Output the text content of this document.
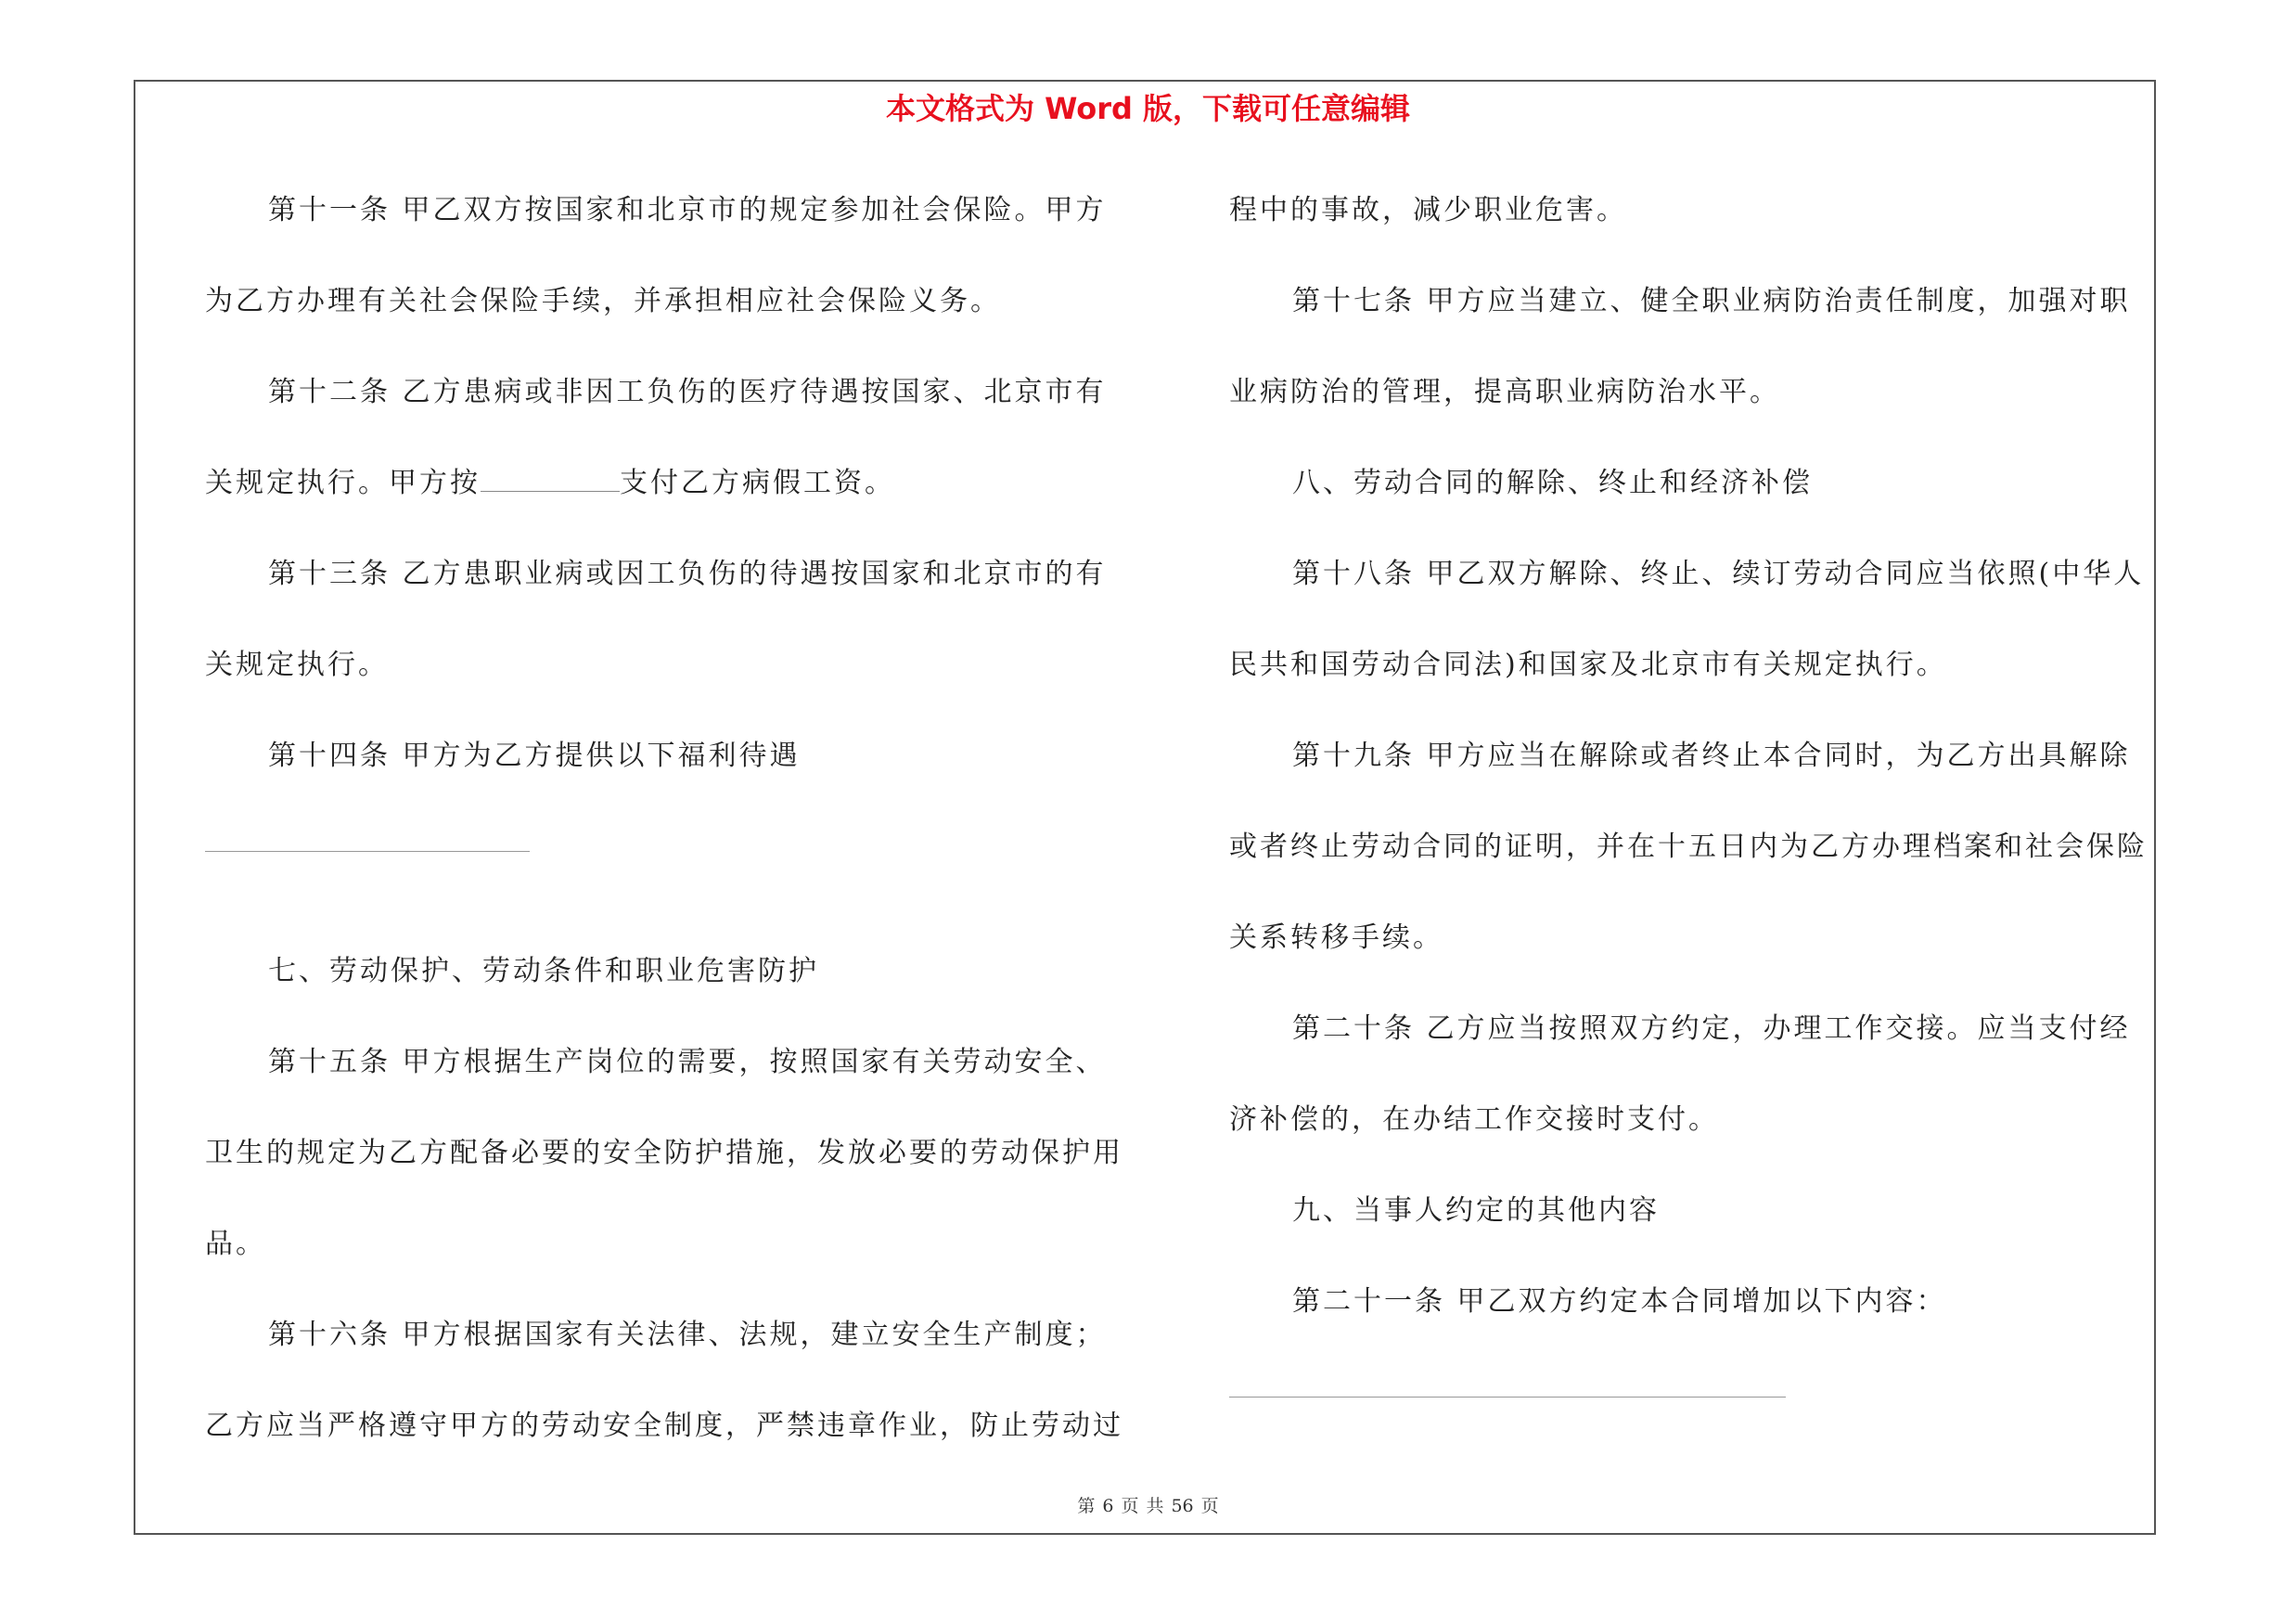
本文格式为 Word 版，下载可任意编辑
第十一条 甲乙双方按国家和北京市的规定参加社会保险。甲方
为乙方办理有关社会保险手续，并承担相应社会保险义务。
第十二条 乙方患病或非因工负伤的医疗待遇按国家、北京市有
关规定执行。甲方按	支付乙方病假工资。
第十三条 乙方患职业病或因工负伤的待遇按国家和北京市的有
关规定执行。
第十四条 甲方为乙方提供以下福利待遇
七、劳动保护、劳动条件和职业危害防护
第十五条 甲方根据生产岗位的需要，按照国家有关劳动安全、
卫生的规定为乙方配备必要的安全防护措施，发放必要的劳动保护用
品。
第十六条 甲方根据国家有关法律、法规，建立安全生产制度；
乙方应当严格遵守甲方的劳动安全制度，严禁违章作业，防止劳动过
程中的事故，减少职业危害。
第十七条 甲方应当建立、健全职业病防治责任制度，加强对职
业病防治的管理，提高职业病防治水平。
八、劳动合同的解除、终止和经济补偿
第十八条 甲乙双方解除、终止、续订劳动合同应当依照(中华人
民共和国劳动合同法)和国家及北京市有关规定执行。
第十九条 甲方应当在解除或者终止本合同时，为乙方出具解除
或者终止劳动合同的证明，并在十五日内为乙方办理档案和社会保险
关系转移手续。
第二十条 乙方应当按照双方约定，办理工作交接。应当支付经
济补偿的，在办结工作交接时支付。
九、当事人约定的其他内容
第二十一条 甲乙双方约定本合同增加以下内容：
第 6 页 共 56 页
